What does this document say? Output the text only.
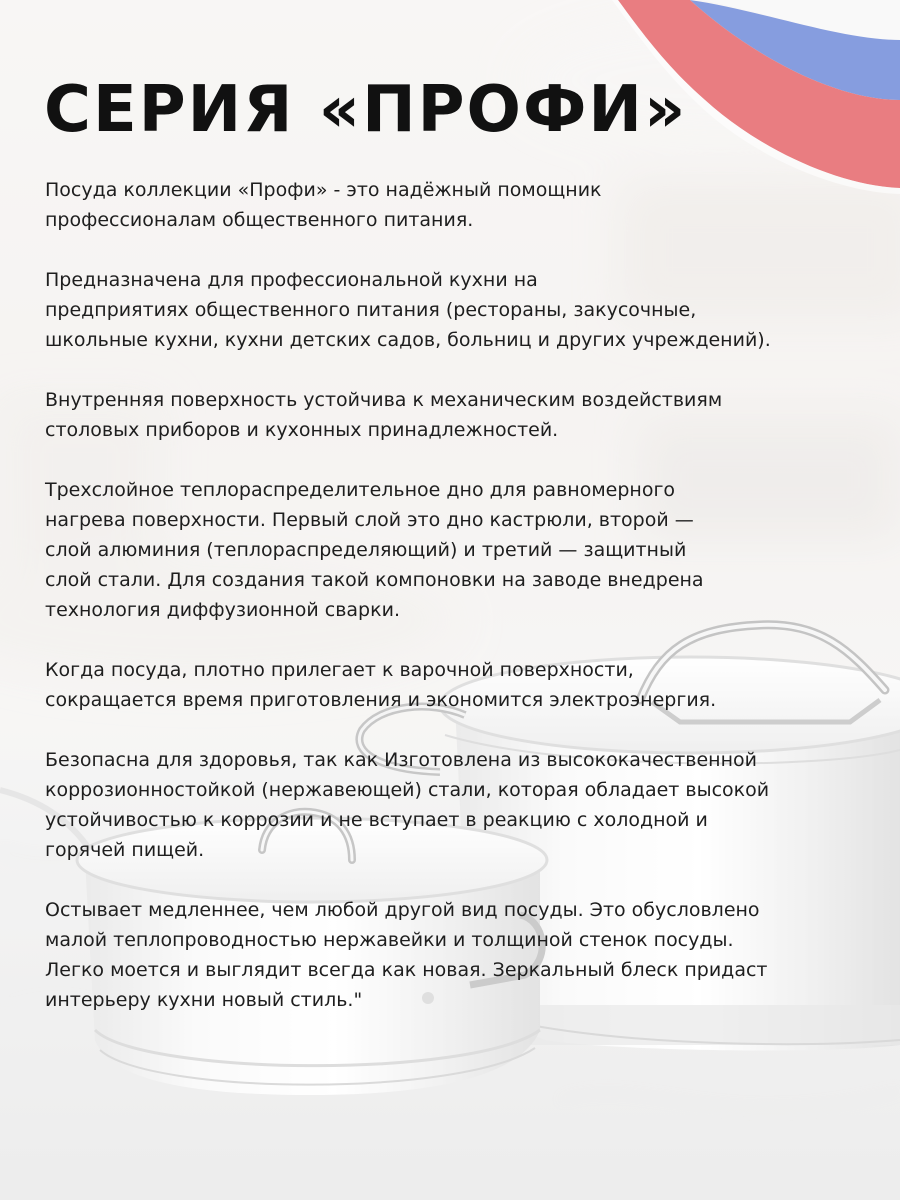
СЕРИЯ «ПРОФИ»

Посуда коллекции «Профи» - это надёжный помощник
профессионалам общественного питания.

Предназначена для профессиональной кухни на
предприятиях общественного питания (рестораны, закусочные,
школьные кухни, кухни детских садов, больниц и других учреждений).

Внутренняя поверхность устойчива к механическим воздействиям
столовых приборов и кухонных принадлежностей.

Трехслойное теплораспределительное дно для равномерного
нагрева поверхности. Первый слой это дно кастрюли, второй —
слой алюминия (теплораспределяющий) и третий — защитный
слой стали. Для создания такой компоновки на заводе внедрена
технология диффузионной сварки.

Когда посуда, плотно прилегает к варочной поверхности,
сокращается время приготовления и экономится электроэнергия.

Безопасна для здоровья, так как Изготовлена из высококачественной
коррозионностойкой (нержавеющей) стали, которая обладает высокой
устойчивостью к коррозии и не вступает в реакцию с холодной и
горячей пищей.

Остывает медленнее, чем любой другой вид посуды. Это обусловлено
малой теплопроводностью нержавейки и толщиной стенок посуды.
Легко моется и выглядит всегда как новая. Зеркальный блеск придаст
интерьеру кухни новый стиль."
